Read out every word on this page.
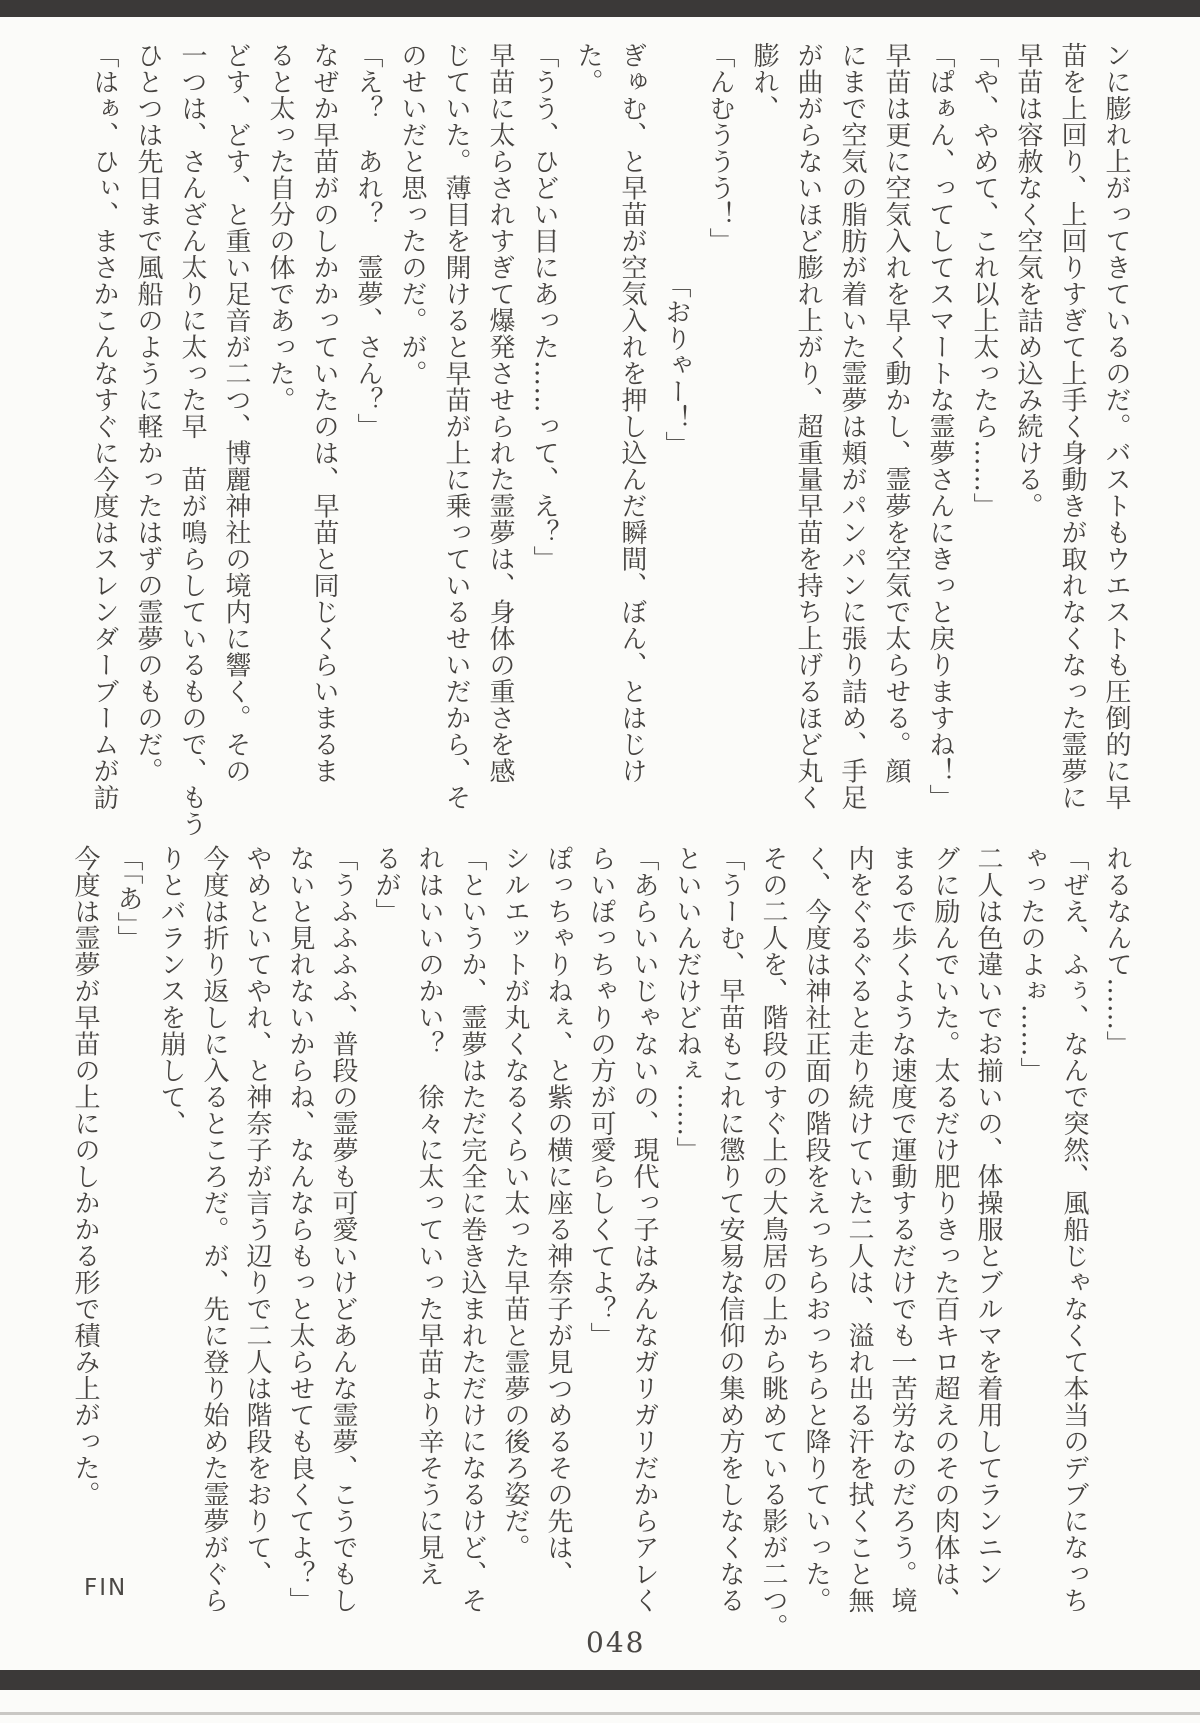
ンに膨れ上がってきているのだ。バストもウエストも圧倒的に早
苗を上回り、上回りすぎて上手く身動きが取れなくなった霊夢に
早苗は容赦なく空気を詰め込み続ける。
「や、やめて、これ以上太ったら……」
「ぱぁん、ってしてスマートな霊夢さんにきっと戻りますね！」
早苗は更に空気入れを早く動かし、霊夢を空気で太らせる。顔
にまで空気の脂肪が着いた霊夢は頬がパンパンに張り詰め、手足
が曲がらないほど膨れ上がり、超重量早苗を持ち上げるほど丸く
膨れ、
「んむううう！」
「おりゃー！」
ぎゅむ、と早苗が空気入れを押し込んだ瞬間、ぼん、とはじけ
た。
「うう、ひどい目にあった……って、え？」
早苗に太らされすぎて爆発させられた霊夢は、身体の重さを感
じていた。薄目を開けると早苗が上に乗っているせいだから、そ
のせいだと思ったのだ。が。
「え？　あれ？　霊夢、さん？」
なぜか早苗がのしかかっていたのは、早苗と同じくらいまるま
ると太った自分の体であった。
どす、どす、と重い足音が二つ、博麗神社の境内に響く。その
一つは、さんざん太りに太った早　苗が鳴らしているもので、もう
ひとつは先日まで風船のように軽かったはずの霊夢のものだ。
「はぁ、ひぃ、まさかこんなすぐに今度はスレンダーブームが訪
れるなんて……」
「ぜえ、ふぅ、なんで突然、風船じゃなくて本当のデブになっち
ゃったのよぉ……」
二人は色違いでお揃いの、体操服とブルマを着用してランニン
グに励んでいた。太るだけ肥りきった百キロ超えのその肉体は、
まるで歩くような速度で運動するだけでも一苦労なのだろう。境
内をぐるぐると走り続けていた二人は、溢れ出る汗を拭くこと無
く、今度は神社正面の階段をえっちらおっちらと降りていった。
その二人を、階段のすぐ上の大鳥居の上から眺めている影が二つ。
「うーむ、早苗もこれに懲りて安易な信仰の集め方をしなくなる
といいんだけどねぇ……」
「あらいいじゃないの、現代っ子はみんなガリガリだからアレく
らいぽっちゃりの方が可愛らしくてよ？」
ぽっちゃりねぇ、と紫の横に座る神奈子が見つめるその先は、
シルエットが丸くなるくらい太った早苗と霊夢の後ろ姿だ。
「というか、霊夢はただ完全に巻き込まれただけになるけど、そ
れはいいのかい？　徐々に太っていった早苗より辛そうに見え
るが」
「うふふふふ、普段の霊夢も可愛いけどあんな霊夢、こうでもし
ないと見れないからね、なんならもっと太らせても良くてよ？」
やめといてやれ、と神奈子が言う辺りで二人は階段をおりて、
今度は折り返しに入るところだ。が、先に登り始めた霊夢がぐら
りとバランスを崩して、
「「あ」」
今度は霊夢が早苗の上にのしかかる形で積み上がった。
FIN
048
